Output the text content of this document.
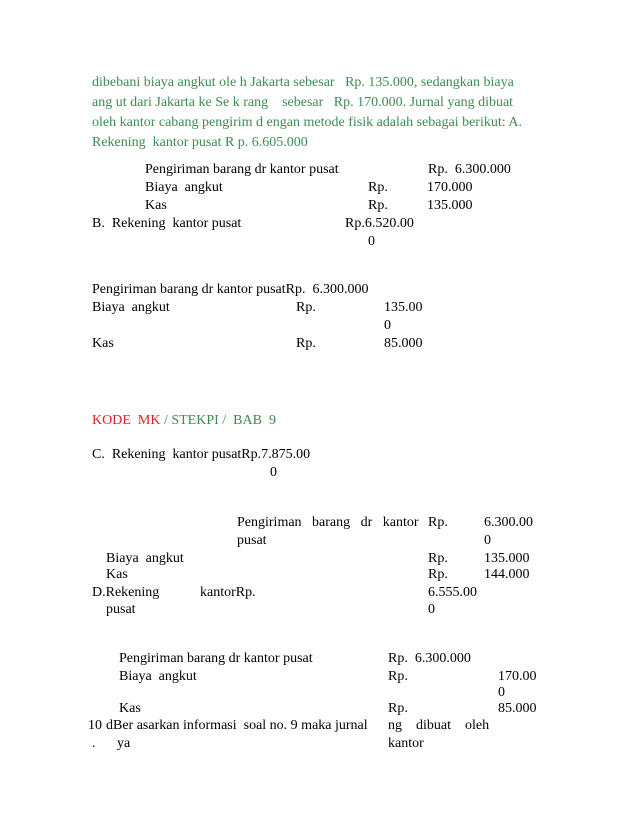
dibebani biaya angkut ole h Jakarta sebesar   Rp. 135.000, sedangkan biaya
ang ut dari Jakarta ke Se k rang    sebesar   Rp. 170.000. Jurnal yang dibuat
oleh kantor cabang pengirim d engan metode fisik adalah sebagai berikut: A.
Rekening  kantor pusat R p. 6.605.000
Pengiriman barang dr kantor pusat	Rp.  6.300.000
Biaya  angkut	Rp.	170.000
Kas	Rp.	135.000
B.  Rekening  kantor pusat	Rp.6.520.00
0
Pengiriman barang dr kantor pusatRp.  6.300.000
Biaya  angkut	Rp.	135.00
0
Kas	Rp.	85.000
KODE  MK / STEKPI /  BAB  9
C.  Rekening  kantor pusatRp.7.875.00
0
Pengiriman   barang   dr   kantor Rp.	6.300.00
pusat	0
Biaya  angkut	Rp.	135.000
Kas	Rp.	144.000
D.Rekening	kantorRp.	6.555.00
pusat	0
Pengiriman barang dr kantor pusat	Rp.  6.300.000
Biaya  angkut	Rp.	170.00
0
Kas	Rp.	85.000
10 dBer asarkan informasi  soal no. 9 maka jurnal ng    dibuat    oleh
. ya	kantor
